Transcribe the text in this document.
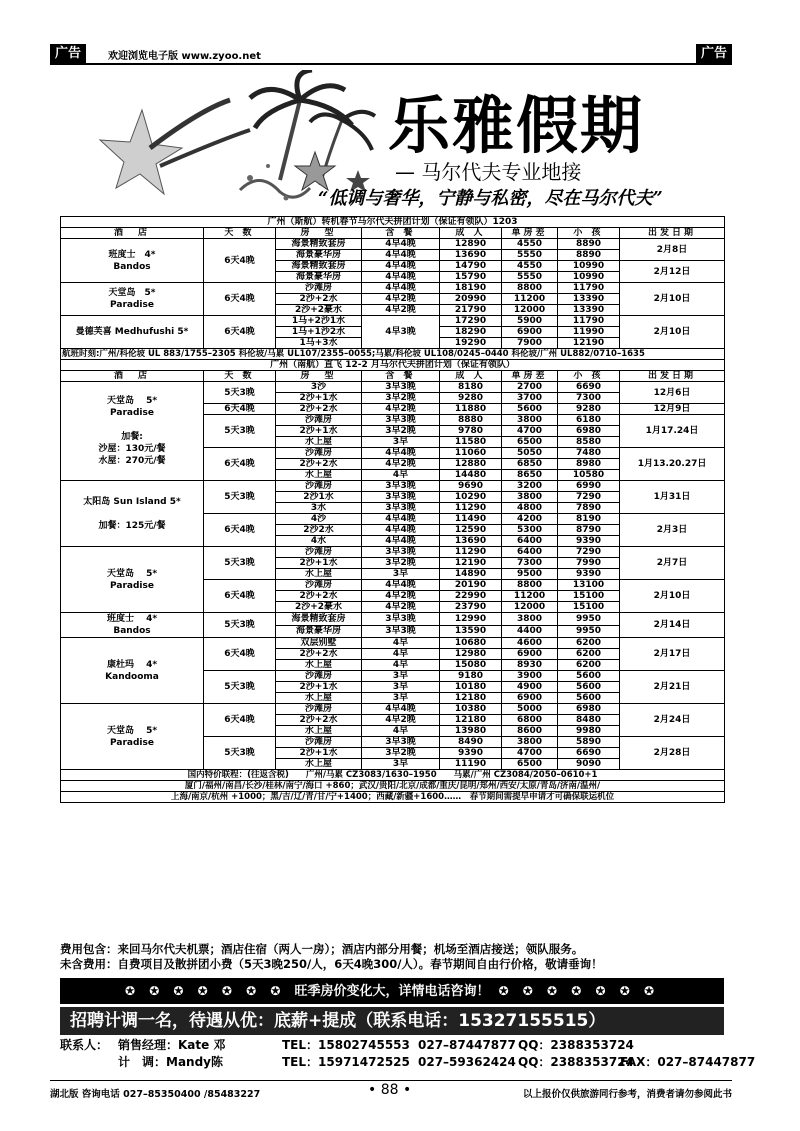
广告	欢迎浏览电子版 www.zyoo.net	广告
乐雅假期
— 马尔代夫专业地接
“低调与奢华，宁静与私密，尽在马尔代夫”
广州（斯航）转机春节马尔代夫拼团计划（保证有领队）1203							
酒　店	天 数	房　型	含 餐	成 人	单房差	小 孩	出发日期
班度士　4*
Bandos	6天4晚	海景精致套房	4早4晚	12890	4550	8890	2月8日
		海景豪华房	4早4晚	13690	5550	8890	
		海景精致套房	4早4晚	14790	4550	10990	2月12日
		海景豪华房	4早4晚	15790	5550	10990	
天堂岛　5*
Paradise	6天4晚	沙滩房	4早4晚	18190	8800	11790	2月10日
		2沙+2水	4早2晚	20990	11200	13390	
		2沙+2豪水	4早2晚	21790	12000	13390	
曼德芙喜 Medhufushi 5*	6天4晚	1马+2沙1水	4早3晚	17290	5900	11790	2月10日
		1马+1沙2水		18290	6900	11990	
		1马+3水		19290	7900	12190	
航班时刻:广州/科伦坡 UL 883/1755–2305 科伦坡/马累 UL107/2355–0055;马累/科伦坡 UL108/0245–0440 科伦坡/广州 UL882/0710–1635							
广州（南航）直飞 12-2 月马尔代夫拼团计划（保证有领队）							
酒　店	天 数	房　型	含 餐	成 人	单房差	小 孩	出发日期
天堂岛　 5*
Paradise

加餐:
沙屋：130元/餐
水屋：270元/餐	5天3晚	3沙	3早3晚	8180	2700	6690	12月6日
		2沙+1水	3早2晚	9280	3700	7300	
	6天4晚	2沙+2水	4早2晚	11880	5600	9280	12月9日
	5天3晚	沙滩房	3早3晚	8880	3800	6180	1月17.24日
		2沙+1水	3早2晚	9780	4700	6980	
		水上屋	3早	11580	6500	8580	
	6天4晚	沙滩房	4早4晚	11060	5050	7480	1月13.20.27日
		2沙+2水	4早2晚	12880	6850	8980	
		水上屋	4早	14480	8650	10580	
太阳岛 Sun Island 5*

加餐：125元/餐	5天3晚	沙滩房	3早3晚	9690	3200	6990	1月31日
		2沙1水	3早3晚	10290	3800	7290	
		3水	3早3晚	11290	4800	7890	
	6天4晚	4沙	4早4晚	11490	4200	8190	2月3日
		2沙2水	4早4晚	12590	5300	8790	
		4水	4早4晚	13690	6400	9390	
天堂岛　 5*
Paradise	5天3晚	沙滩房	3早3晚	11290	6400	7290	2月7日
		2沙+1水	3早2晚	12190	7300	7990	
		水上屋	3早	14890	9500	9390	
	6天4晚	沙滩房	4早4晚	20190	8800	13100	2月10日
		2沙+2水	4早2晚	22990	11200	15100	
		2沙+2豪水	4早2晚	23790	12000	15100	
班度士　 4*
Bandos	5天3晚	海景精致套房	3早3晚	12990	3800	9950	2月14日
		海景豪华房	3早3晚	13590	4400	9950	
康杜玛　 4*
Kandooma	6天4晚	双层别墅	4早	10680	4600	6200	2月17日
		2沙+2水	4早	12980	6900	6200	
		水上屋	4早	15080	8930	6200	
	5天3晚	沙滩房	3早	9180	3900	5600	2月21日
		2沙+1水	3早	10180	4900	5600	
		水上屋	3早	12180	6900	5600	
天堂岛　 5*
Paradise	6天4晚	沙滩房	4早4晚	10380	5000	6980	2月24日
		2沙+2水	4早2晚	12180	6800	8480	
		水上屋	4早	13980	8600	9980	
	5天3晚	沙滩房	3早3晚	8490	3800	5890	2月28日
		2沙+1水	3早2晚	9390	4700	6690	
		水上屋	3早	11190	6500	9090	
国内特价联程：(往返含税)　　广州/马累 CZ3083/1630–1950　　马累/广州 CZ3084/2050–0610+1							
厦门/福州/南昌/长沙/桂林/南宁/海口 +860；武汉/贵阳/北京/成都/重庆/昆明/郑州/西安/太原/青岛/济南/温州/							
上海/南京/杭州 +1000；黑/吉/辽/青/甘/宁+1400；西藏/新疆+1600……　春节期间需提早申请才可确保联运机位							
费用包含：来回马尔代夫机票；酒店住宿（两人一房）；酒店内部分用餐；机场至酒店接送；领队服务。
未含费用：自费项目及散拼团小费（5天3晚250/人，6天4晚300/人）。春节期间自由行价格，敬请垂询！
✪ ✪ ✪ ✪ ✪ ✪ ✪ 旺季房价变化大，详情电话咨询！ ✪ ✪ ✪ ✪ ✪ ✪ ✪
招聘计调一名，待遇从优：底薪+提成（联系电话：15327155515）
联系人： 销售经理：Kate 邓	TEL：15802745553 027–87447877 QQ：2388353724
计　调：Mandy陈	TEL：15971472525 027–59362424 QQ：2388353724
FAX：027–87447877
湖北版 咨询电话 027–85350400 /85483227	• 88 •	以上报价仅供旅游同行参考，消费者请勿参阅此书
